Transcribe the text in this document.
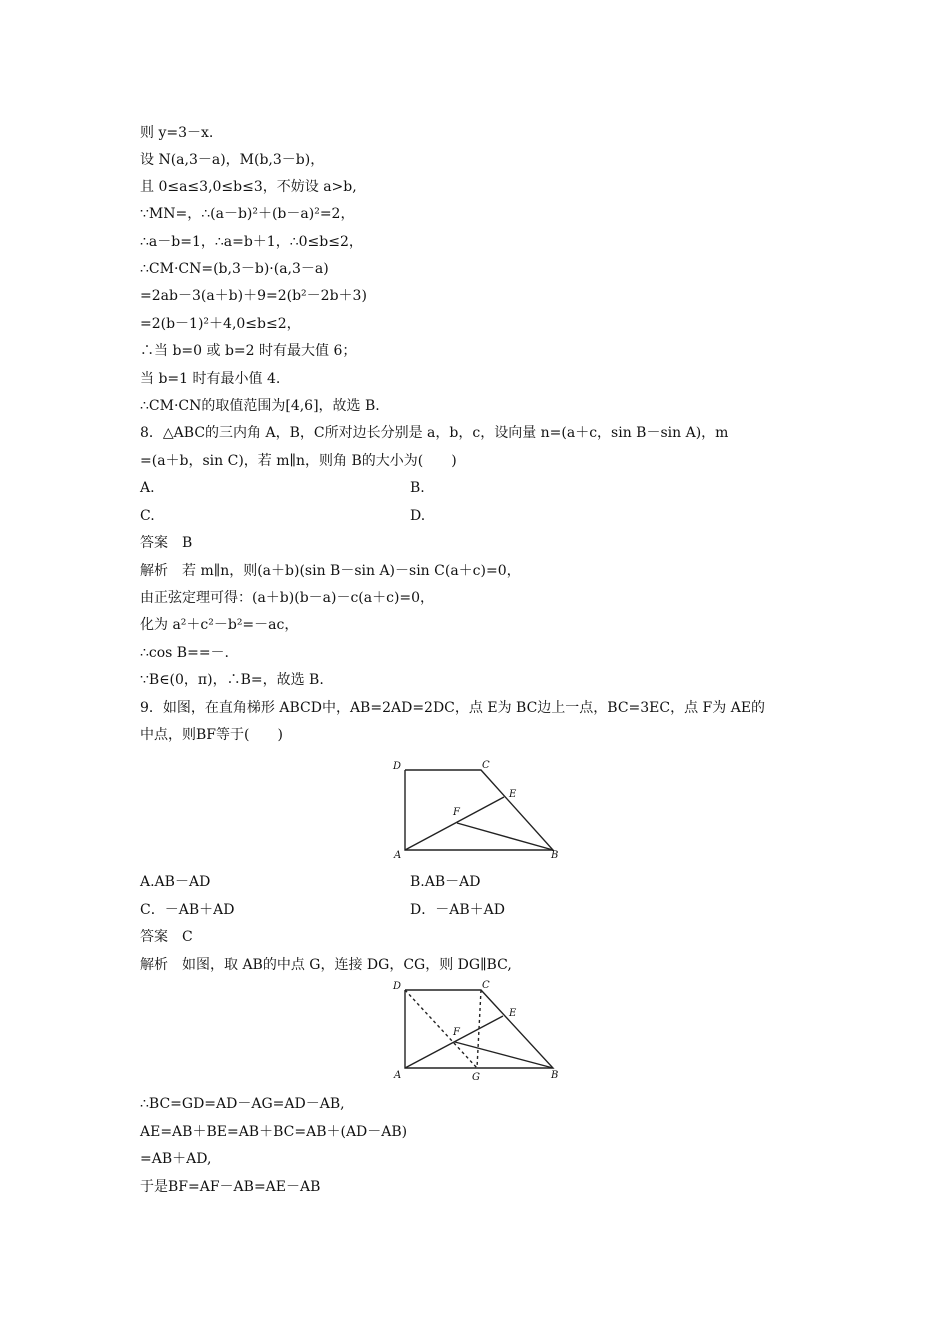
则 y=3－x.
设 N(a,3－a)，M(b,3－b)，
且 0≤a≤3,0≤b≤3，不妨设 a>b,
∵MN=，∴(a－b)²＋(b－a)²=2，
∴a－b=1，∴a=b＋1，∴0≤b≤2，
∴CM·CN=(b,3－b)·(a,3－a)
=2ab－3(a＋b)＋9=2(b²－2b＋3)
=2(b－1)²＋4,0≤b≤2，
∴当 b=0 或 b=2 时有最大值 6；
当 b=1 时有最小值 4.
∴CM·CN的取值范围为[4,6]，故选 B.
8．△ABC的三内角 A，B，C所对边长分别是 a，b，c，设向量 n=(a＋c，sin B－sin A)，m
=(a＋b，sin C)，若 m∥n，则角 B的大小为(　　)
A.	B.
C.	D.
答案　B
解析　若 m∥n，则(a＋b)(sin B－sin A)－sin C(a＋c)=0，
由正弦定理可得：(a＋b)(b－a)－c(a＋c)=0，
化为 a²＋c²－b²=－ac，
∴cos B==－.
∵B∈(0，π)，∴B=，故选 B.
9．如图，在直角梯形 ABCD中，AB=2AD=2DC，点 E为 BC边上一点，BC=3EC，点 F为 AE的
中点，则BF等于(　　)
D	C
E
F
A	B
A.AB－AD	B.AB－AD
C．－AB＋AD	D．－AB＋AD
答案　C
解析　如图，取 AB的中点 G，连接 DG，CG，则 DG∥BC,
D	C
E
F
A	G	B
∴BC=GD=AD－AG=AD－AB,
AE=AB＋BE=AB＋BC=AB＋(AD－AB)
=AB＋AD,
于是BF=AF－AB=AE－AB
